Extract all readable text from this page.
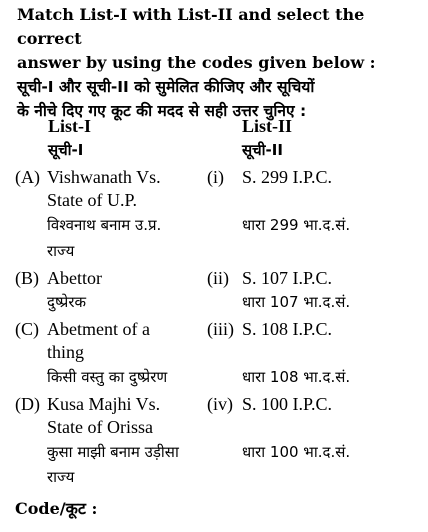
Match List-I with List-II and select the correct
answer by using the codes given below :
सूची-I और सूची-II को सुमेलित कीजिए और सूचियों
के नीचे दिए गए कूट की मदद से सही उत्तर चुनिए :
List-I
सूची-I
List-II
सूची-II
(A) Vishwanath Vs.
State of U.P.
विश्वनाथ बनाम उ.प्र.
राज्य
(i) S. 299 I.P.C.
धारा 299 भा.द.सं.
(B) Abettor
दुष्प्रेरक
(ii) S. 107 I.P.C.
धारा 107 भा.द.सं.
(C) Abetment of a
thing
किसी वस्तु का दुष्प्रेरण
(iii) S. 108 I.P.C.
धारा 108 भा.द.सं.
(D) Kusa Majhi Vs.
State of Orissa
कुसा माझी बनाम उड़ीसा
राज्य
(iv) S. 100 I.P.C.
धारा 100 भा.द.सं.
Code/कूट :
